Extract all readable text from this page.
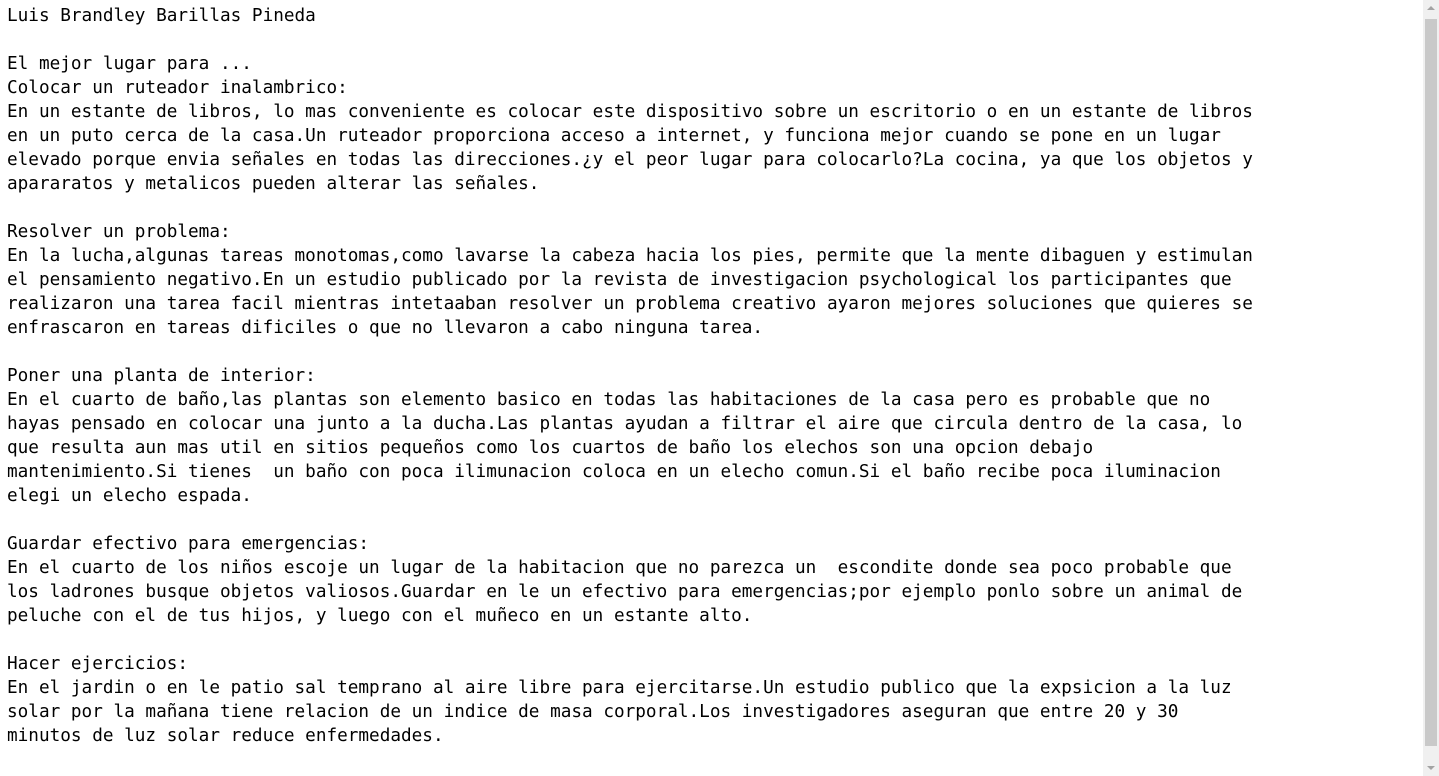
Luis Brandley Barillas Pineda
El mejor lugar para ...
Colocar un ruteador inalambrico:
En un estante de libros, lo mas conveniente es colocar este dispositivo sobre un escritorio o en un estante de libros
en un puto cerca de la casa.Un ruteador proporciona acceso a internet, y funciona mejor cuando se pone en un lugar
elevado porque envia señales en todas las direcciones.¿y el peor lugar para colocarlo?La cocina, ya que los objetos y
apararatos y metalicos pueden alterar las señales.
Resolver un problema:
En la lucha,algunas tareas monotomas,como lavarse la cabeza hacia los pies, permite que la mente dibaguen y estimulan
el pensamiento negativo.En un estudio publicado por la revista de investigacion psychological los participantes que
realizaron una tarea facil mientras intetaaban resolver un problema creativo ayaron mejores soluciones que quieres se
enfrascaron en tareas dificiles o que no llevaron a cabo ninguna tarea.
Poner una planta de interior:
En el cuarto de baño,las plantas son elemento basico en todas las habitaciones de la casa pero es probable que no
hayas pensado en colocar una junto a la ducha.Las plantas ayudan a filtrar el aire que circula dentro de la casa, lo
que resulta aun mas util en sitios pequeños como los cuartos de baño los elechos son una opcion debajo
mantenimiento.Si tienes  un baño con poca ilimunacion coloca en un elecho comun.Si el baño recibe poca iluminacion
elegi un elecho espada.
Guardar efectivo para emergencias:
En el cuarto de los niños escoje un lugar de la habitacion que no parezca un  escondite donde sea poco probable que
los ladrones busque objetos valiosos.Guardar en le un efectivo para emergencias;por ejemplo ponlo sobre un animal de
peluche con el de tus hijos, y luego con el muñeco en un estante alto.
Hacer ejercicios:
En el jardin o en le patio sal temprano al aire libre para ejercitarse.Un estudio publico que la expsicion a la luz
solar por la mañana tiene relacion de un indice de masa corporal.Los investigadores aseguran que entre 20 y 30
minutos de luz solar reduce enfermedades.
